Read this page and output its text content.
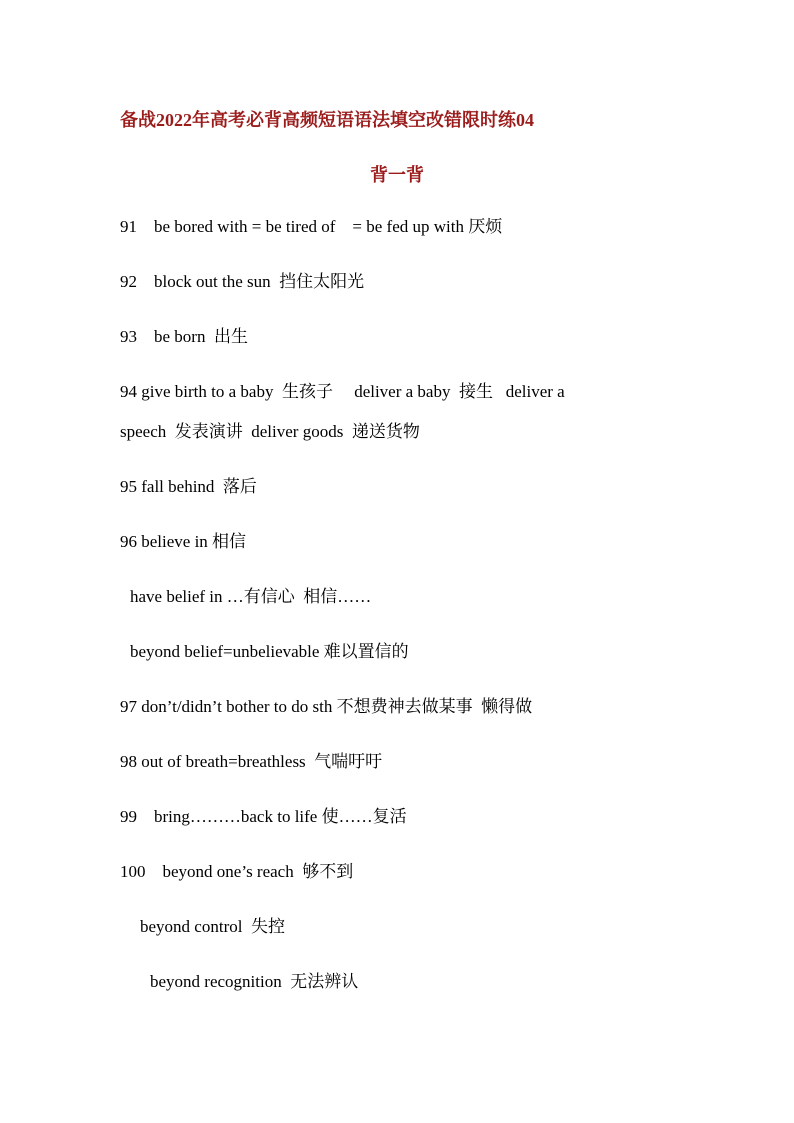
备战2022年高考必背高频短语语法填空改错限时练04
背一背
91    be bored with = be tired of    = be fed up with 厌烦
92    block out the sun  挡住太阳光
93    be born  出生
94 give birth to a baby  生孩子     deliver a baby  接生   deliver a
speech  发表演讲  deliver goods  递送货物
95 fall behind  落后
96 believe in 相信
have belief in …有信心  相信……
beyond belief=unbelievable 难以置信的
97 don’t/didn’t bother to do sth 不想费神去做某事  懒得做
98 out of breath=breathless  气喘吁吁
99    bring………back to life 使……复活
100    beyond one’s reach  够不到
beyond control  失控
beyond recognition  无法辨认
